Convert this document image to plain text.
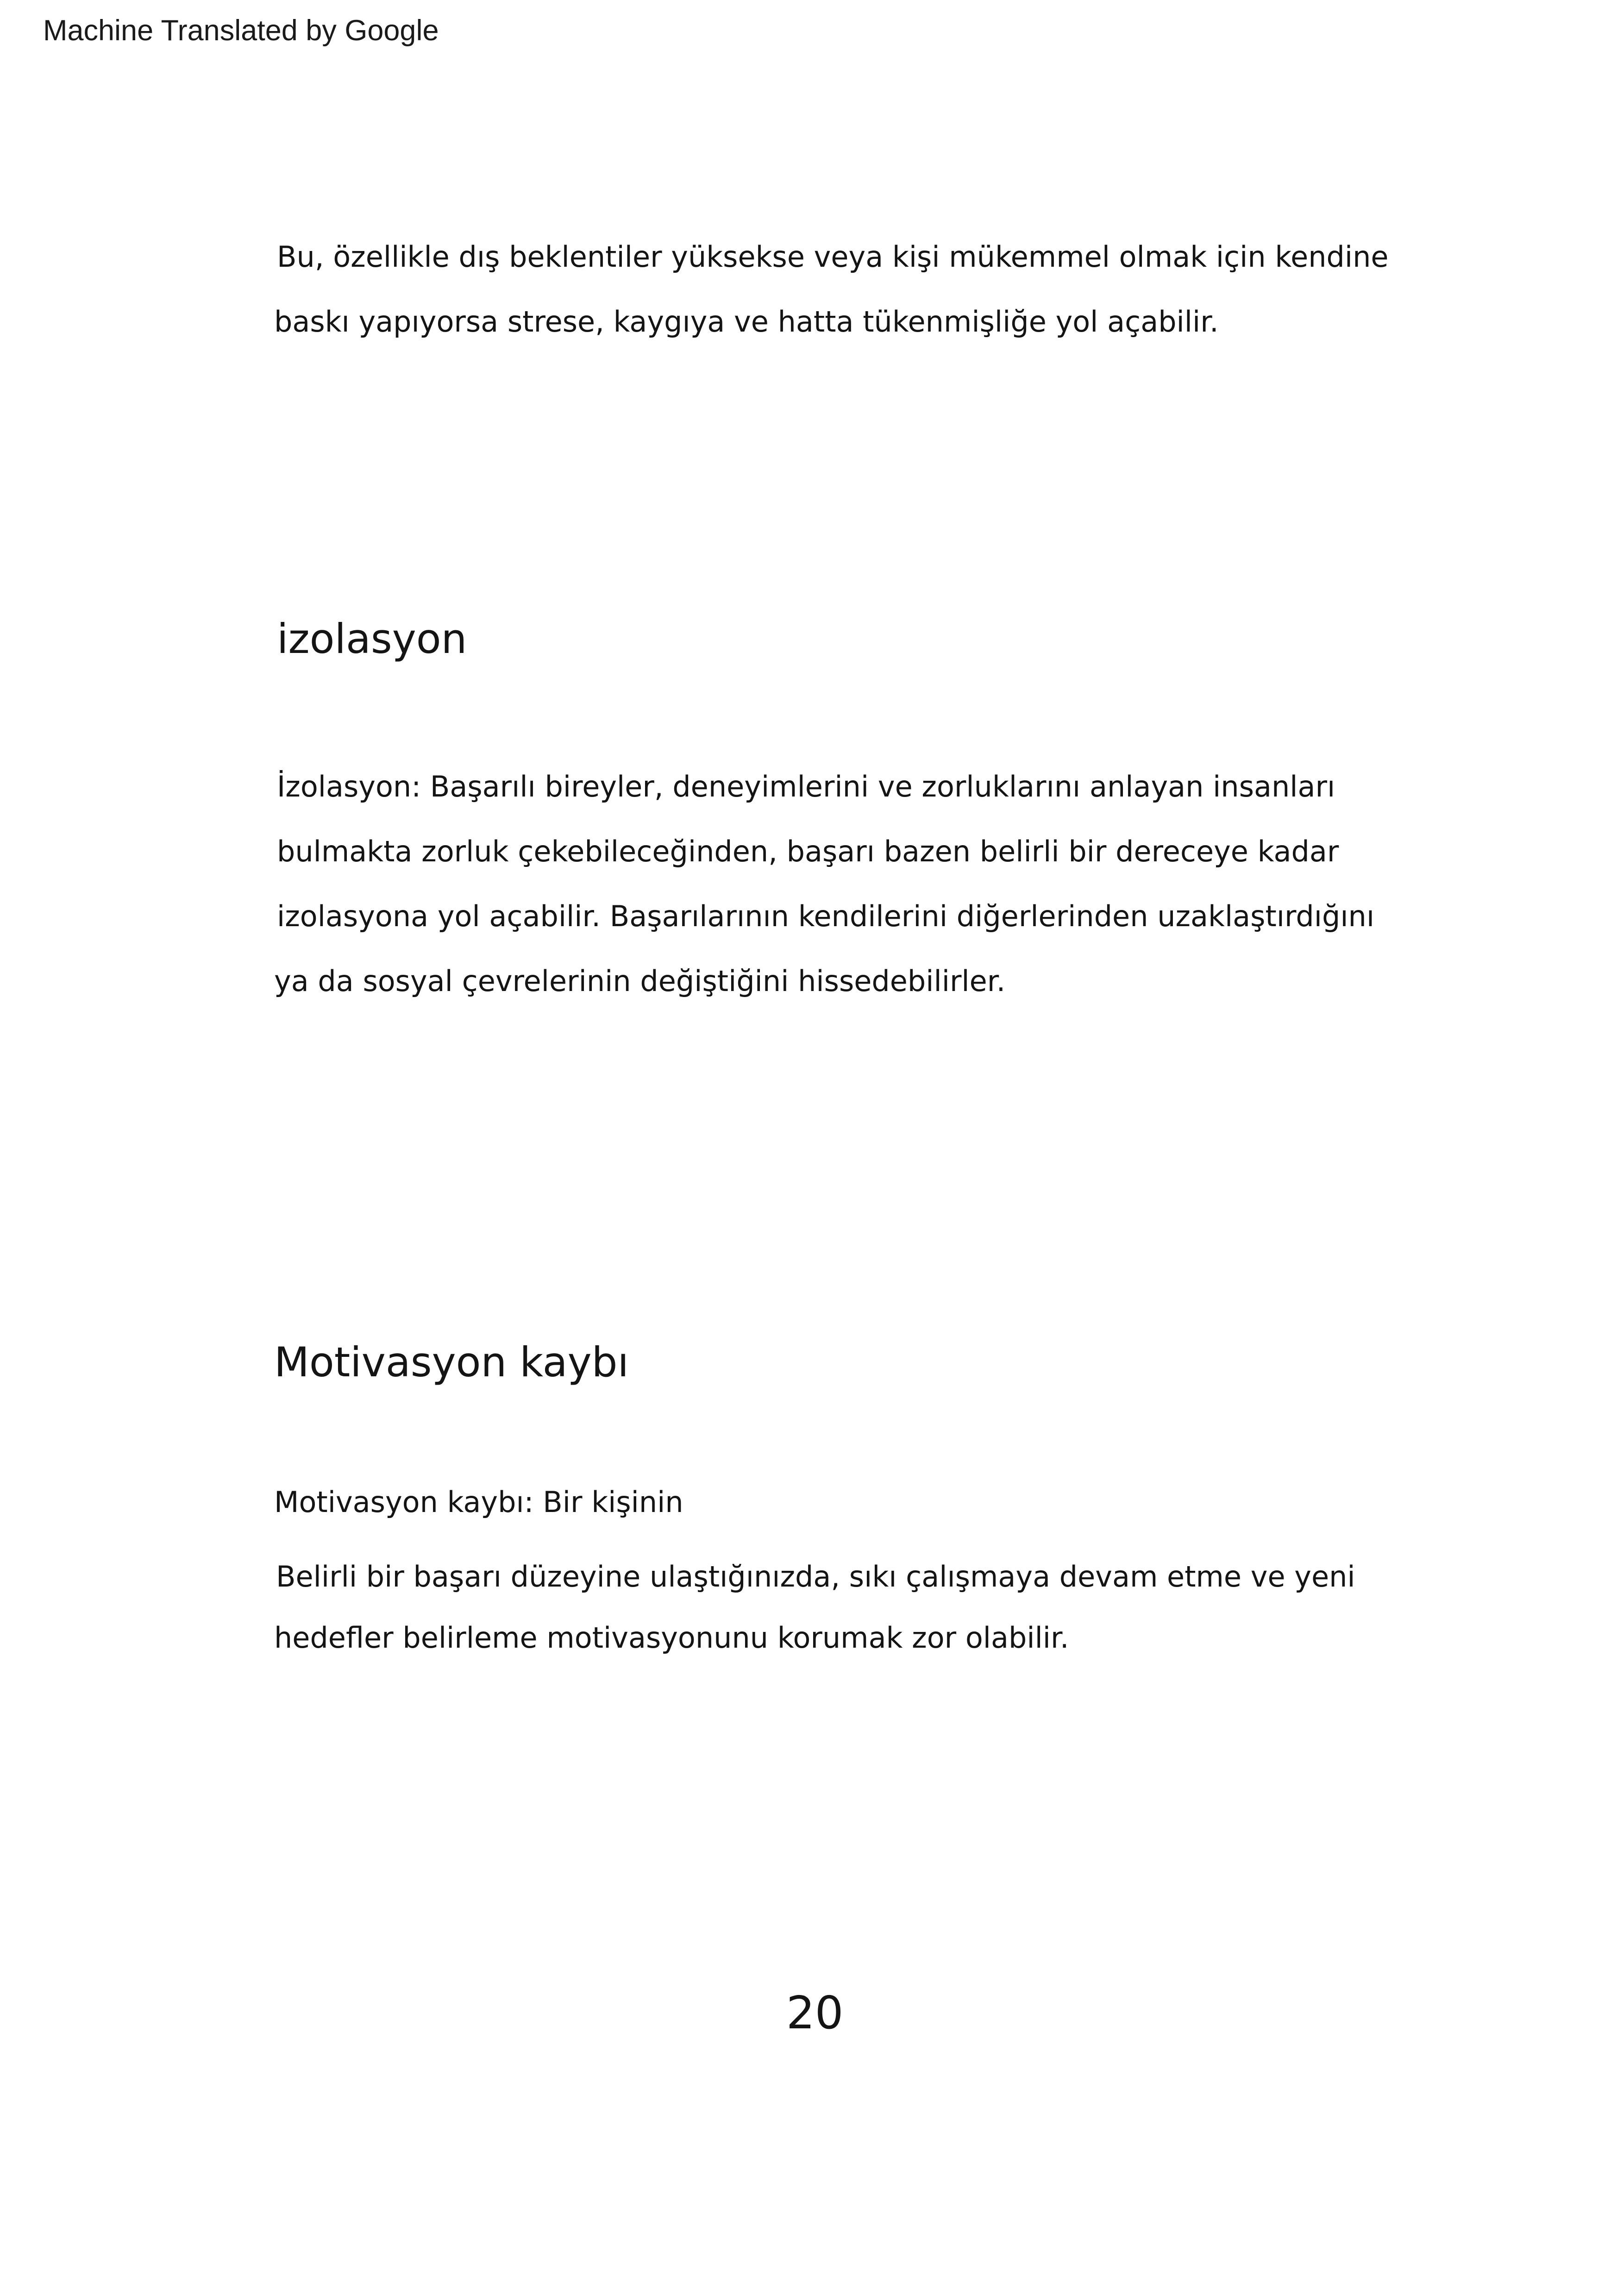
Machine Translated by Google
Bu, özellikle dış beklentiler yüksekse veya kişi mükemmel olmak için kendine
baskı yapıyorsa strese, kaygıya ve hatta tükenmişliğe yol açabilir.
izolasyon
İzolasyon: Başarılı bireyler, deneyimlerini ve zorluklarını anlayan insanları
bulmakta zorluk çekebileceğinden, başarı bazen belirli bir dereceye kadar
izolasyona yol açabilir. Başarılarının kendilerini diğerlerinden uzaklaştırdığını
ya da sosyal çevrelerinin değiştiğini hissedebilirler.
Motivasyon kaybı
Motivasyon kaybı: Bir kişinin
Belirli bir başarı düzeyine ulaştığınızda, sıkı çalışmaya devam etme ve yeni
hedefler belirleme motivasyonunu korumak zor olabilir.
20
